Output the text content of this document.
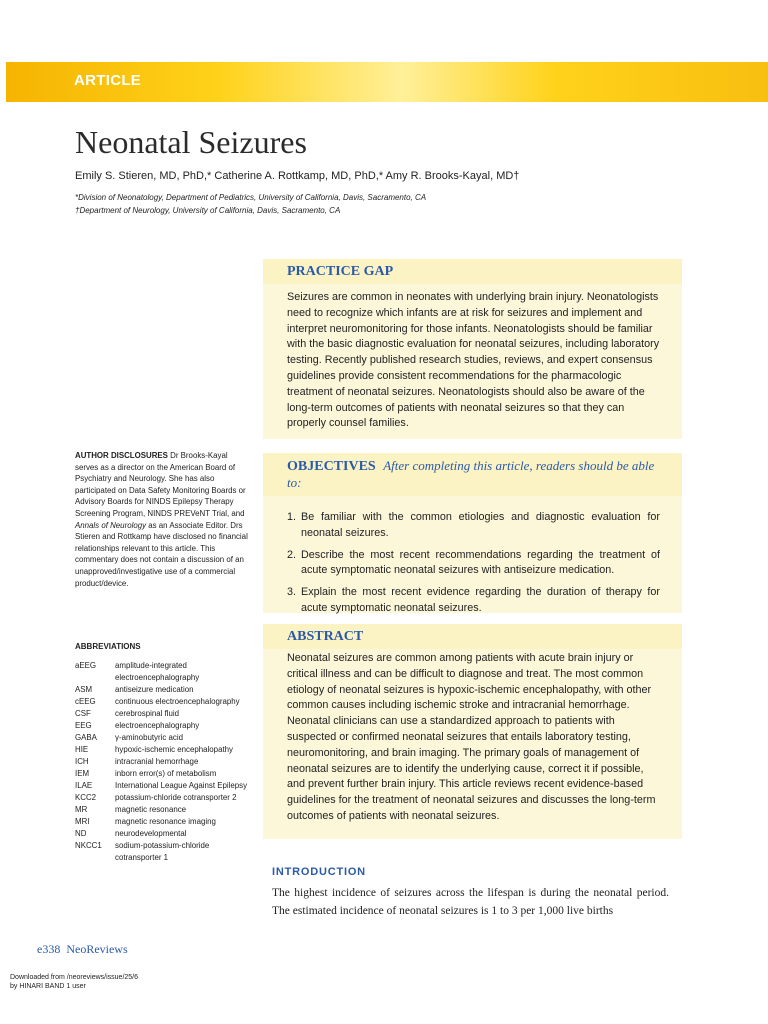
ARTICLE
Neonatal Seizures
Emily S. Stieren, MD, PhD,* Catherine A. Rottkamp, MD, PhD,* Amy R. Brooks-Kayal, MD†
*Division of Neonatology, Department of Pediatrics, University of California, Davis, Sacramento, CA
†Department of Neurology, University of California, Davis, Sacramento, CA
PRACTICE GAP
Seizures are common in neonates with underlying brain injury. Neonatologists need to recognize which infants are at risk for seizures and implement and interpret neuromonitoring for those infants. Neonatologists should be familiar with the basic diagnostic evaluation for neonatal seizures, including laboratory testing. Recently published research studies, reviews, and expert consensus guidelines provide consistent recommendations for the pharmacologic treatment of neonatal seizures. Neonatologists should also be aware of the long-term outcomes of patients with neonatal seizures so that they can properly counsel families.
OBJECTIVES After completing this article, readers should be able to:
1. Be familiar with the common etiologies and diagnostic evaluation for neonatal seizures.
2. Describe the most recent recommendations regarding the treatment of acute symptomatic neonatal seizures with antiseizure medication.
3. Explain the most recent evidence regarding the duration of therapy for acute symptomatic neonatal seizures.
ABSTRACT
Neonatal seizures are common among patients with acute brain injury or critical illness and can be difficult to diagnose and treat. The most common etiology of neonatal seizures is hypoxic-ischemic encephalopathy, with other common causes including ischemic stroke and intracranial hemorrhage. Neonatal clinicians can use a standardized approach to patients with suspected or confirmed neonatal seizures that entails laboratory testing, neuromonitoring, and brain imaging. The primary goals of management of neonatal seizures are to identify the underlying cause, correct it if possible, and prevent further brain injury. This article reviews recent evidence-based guidelines for the treatment of neonatal seizures and discusses the long-term outcomes of patients with neonatal seizures.
AUTHOR DISCLOSURES Dr Brooks-Kayal serves as a director on the American Board of Psychiatry and Neurology. She has also participated on Data Safety Monitoring Boards or Advisory Boards for NINDS Epilepsy Therapy Screening Program, NINDS PREVeNT Trial, and Annals of Neurology as an Associate Editor. Drs Stieren and Rottkamp have disclosed no financial relationships relevant to this article. This commentary does not contain a discussion of an unapproved/investigative use of a commercial product/device.
ABBREVIATIONS
aEEG	amplitude-integrated electroencephalography
ASM	antiseizure medication
cEEG	continuous electroencephalography
CSF	cerebrospinal fluid
EEG	electroencephalography
GABA	γ-aminobutyric acid
HIE	hypoxic-ischemic encephalopathy
ICH	intracranial hemorrhage
IEM	inborn error(s) of metabolism
ILAE	International League Against Epilepsy
KCC2	potassium-chloride cotransporter 2
MR	magnetic resonance
MRI	magnetic resonance imaging
ND	neurodevelopmental
NKCC1	sodium-potassium-chloride cotransporter 1
INTRODUCTION
The highest incidence of seizures across the lifespan is during the neonatal period. The estimated incidence of neonatal seizures is 1 to 3 per 1,000 live births
e338 NeoReviews
Downloaded from /neoreviews/issue/25/6
by HINARI BAND 1 user
